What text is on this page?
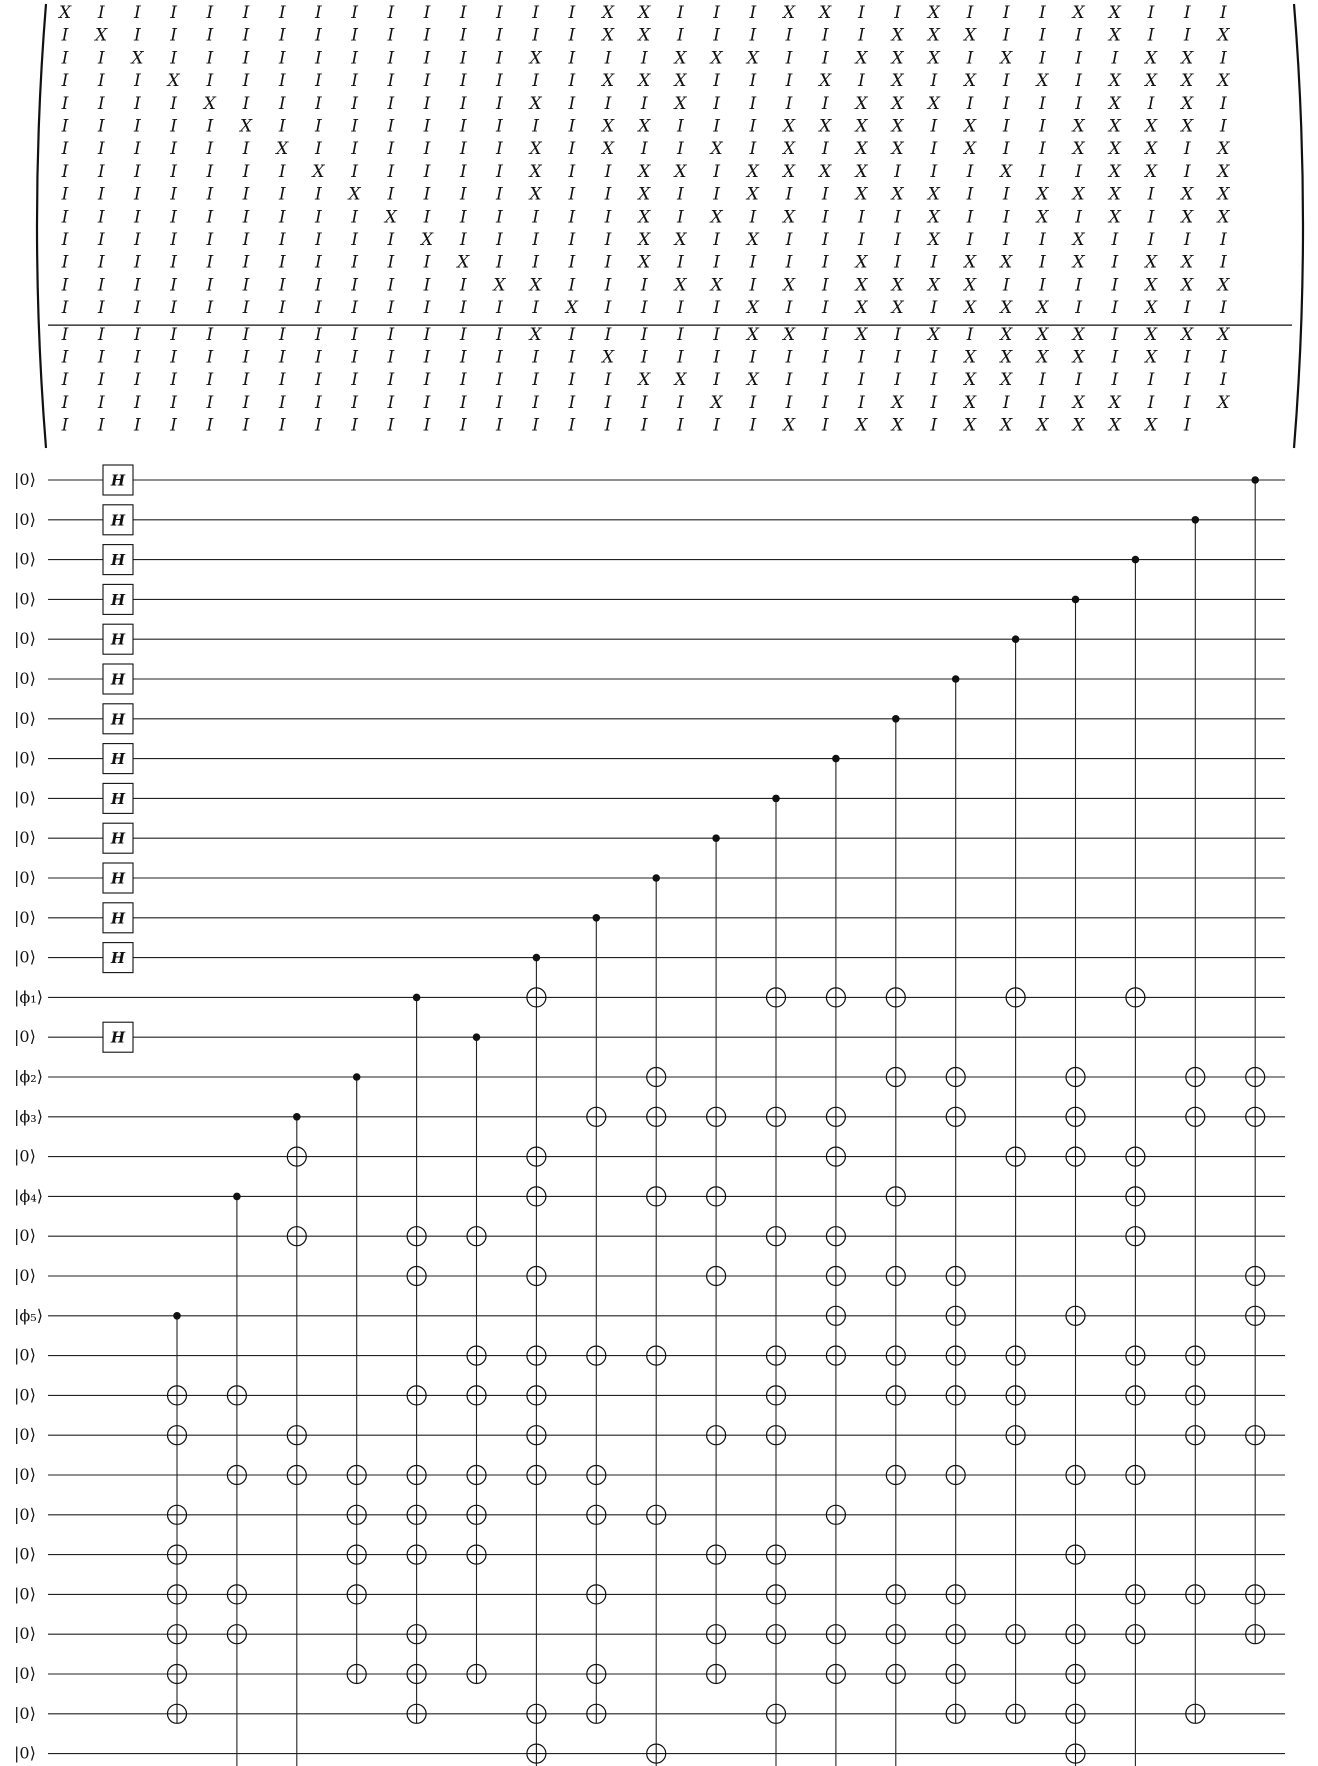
X I I I I I I I I I I I I I I X X I I I X X I I X I I I X X I I I
I X I I I I I I I I I I I I I X X I I I I I I X X X I I I X I I X
I I X I I I I I I I I I I X I I I X X X I I X X X I X I I I X X I
I I I X I I I I I I I I I I I X X X I I I X I X I X I X I X X X X
I I I I X I I I I I I I I X I I I X I I I I X X X I I I I X I X I
I I I I I X I I I I I I I I I X X I I I X X X X I X I I X X X X I
I I I I I I X I I I I I I X I X I I X I X I X X I X I I X X X I X
I I I I I I I X I I I I I X I I X X I X X X X I I I X I I X X I X
I I I I I I I I X I I I I X I I X I I X I I X X X I I X X X I X X
I I I I I I I I I X I I I I I I X I X I X I I I X I I X I X I X X
I I I I I I I I I I X I I I I I X X I X I I I I X I I I X I I I I
I I I I I I I I I I I X I I I I X I I I I I X I I X X I X I X X I
I I I I I I I I I I I I X X I I I X X I X I X X X X I I I I X X X
I I I I I I I I I I I I I I X I I I I X I I X X I X X X I I X I I
I I I I I I I I I I I I I X I I I I I X X I X I X I X X X I X X X
I I I I I I I I I I I I I I I X I I I I I I I I I X X X X I X I I
I I I I I I I I I I I I I I I I X X I X I I I I I X X I I I I I I
I I I I I I I I I I I I I I I I I I X I I I I X I X I I X X I I X
I I I I I I I I I I I I I I I I I I I I X I X X I X X X X X X I
H
H
H
H
H
H
H
H
H
H
H
H
H
H
|0⟩
|0⟩
|0⟩
|0⟩
|0⟩
|0⟩
|0⟩
|0⟩
|0⟩
|0⟩
|0⟩
|0⟩
|0⟩
|ϕ₁⟩
|0⟩
|ϕ₂⟩
|ϕ₃⟩
|0⟩
|ϕ₄⟩
|0⟩
|0⟩
|ϕ₅⟩
|0⟩
|0⟩
|0⟩
|0⟩
|0⟩
|0⟩
|0⟩
|0⟩
|0⟩
|0⟩
|0⟩
